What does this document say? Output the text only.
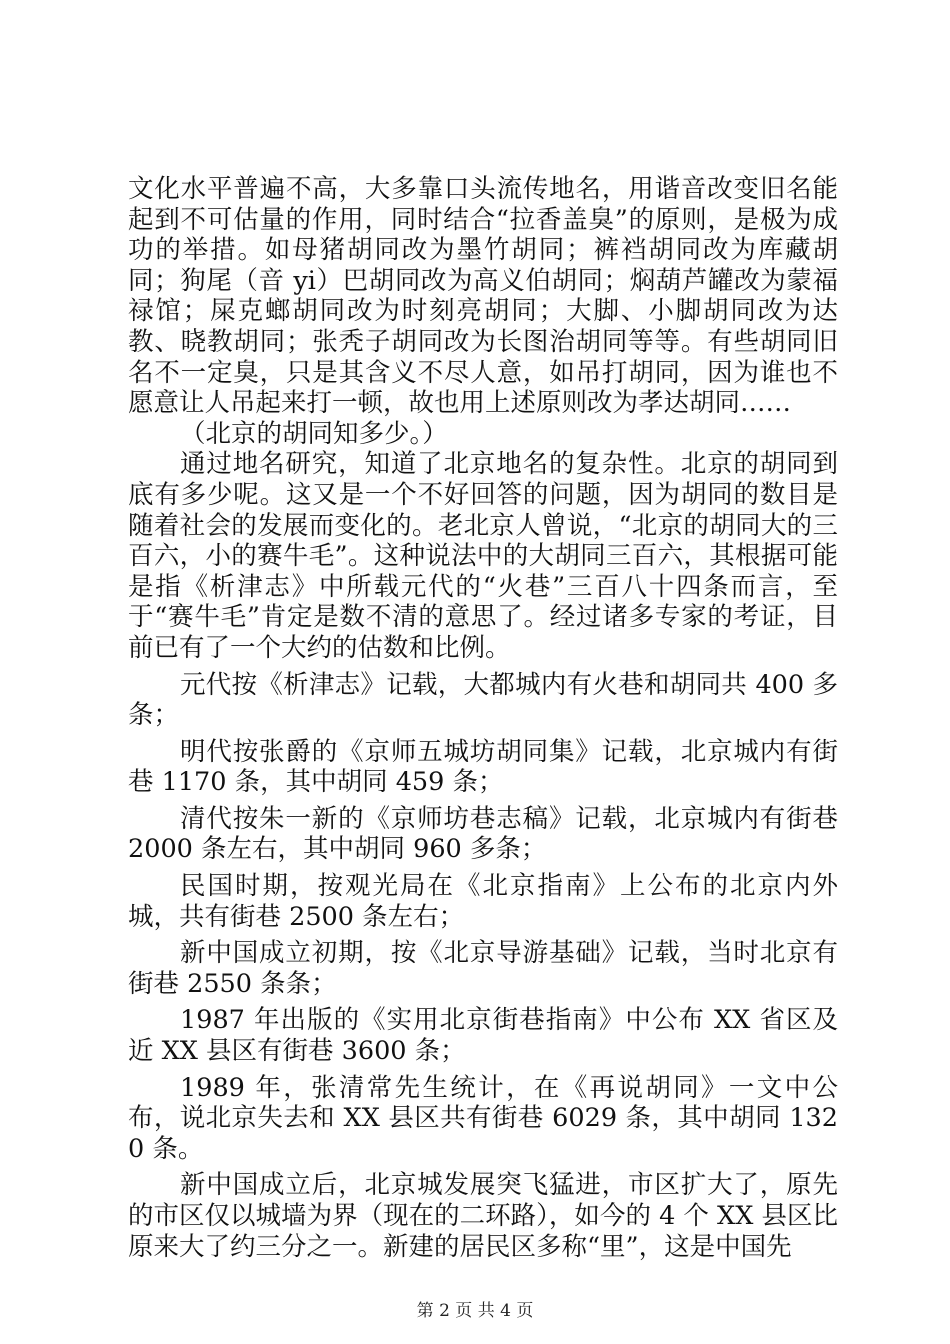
文化水平普遍不高，大多靠口头流传地名，用谐音改变旧名能起到不可估量的作用，同时结合“拉香盖臭”的原则，是极为成功的举措。如母猪胡同改为墨竹胡同；裤裆胡同改为库藏胡同；狗尾（音 yi）巴胡同改为高义伯胡同；焖葫芦罐改为蒙福禄馆；屎克螂胡同改为时刻亮胡同；大脚、小脚胡同改为达教、晓教胡同；张秃子胡同改为长图治胡同等等。有些胡同旧名不一定臭，只是其含义不尽人意，如吊打胡同，因为谁也不愿意让人吊起来打一顿，故也用上述原则改为孝达胡同……

（北京的胡同知多少。）

通过地名研究，知道了北京地名的复杂性。北京的胡同到底有多少呢。这又是一个不好回答的问题，因为胡同的数目是随着社会的发展而变化的。老北京人曾说，“北京的胡同大的三百六，小的赛牛毛”。这种说法中的大胡同三百六，其根据可能是指《析津志》中所载元代的“火巷”三百八十四条而言，至于“赛牛毛”肯定是数不清的意思了。经过诸多专家的考证，目前已有了一个大约的估数和比例。

元代按《析津志》记载，大都城内有火巷和胡同共 400 多条；

明代按张爵的《京师五城坊胡同集》记载，北京城内有街巷 1170 条，其中胡同 459 条；

清代按朱一新的《京师坊巷志稿》记载，北京城内有街巷 2000 条左右，其中胡同 960 多条；

民国时期，按观光局在《北京指南》上公布的北京内外城，共有街巷 2500 条左右；

新中国成立初期，按《北京导游基础》记载，当时北京有街巷 2550 条条；

1987 年出版的《实用北京街巷指南》中公布 XX 省区及近 XX 县区有街巷 3600 条；

1989 年，张清常先生统计，在《再说胡同》一文中公布，说北京失去和 XX 县区共有街巷 6029 条，其中胡同 1320 条。

新中国成立后，北京城发展突飞猛进，市区扩大了，原先的市区仅以城墙为界（现在的二环路），如今的 4 个 XX 县区比原来大了约三分之一。新建的居民区多称“里”，这是中国先

第 2 页 共 4 页
